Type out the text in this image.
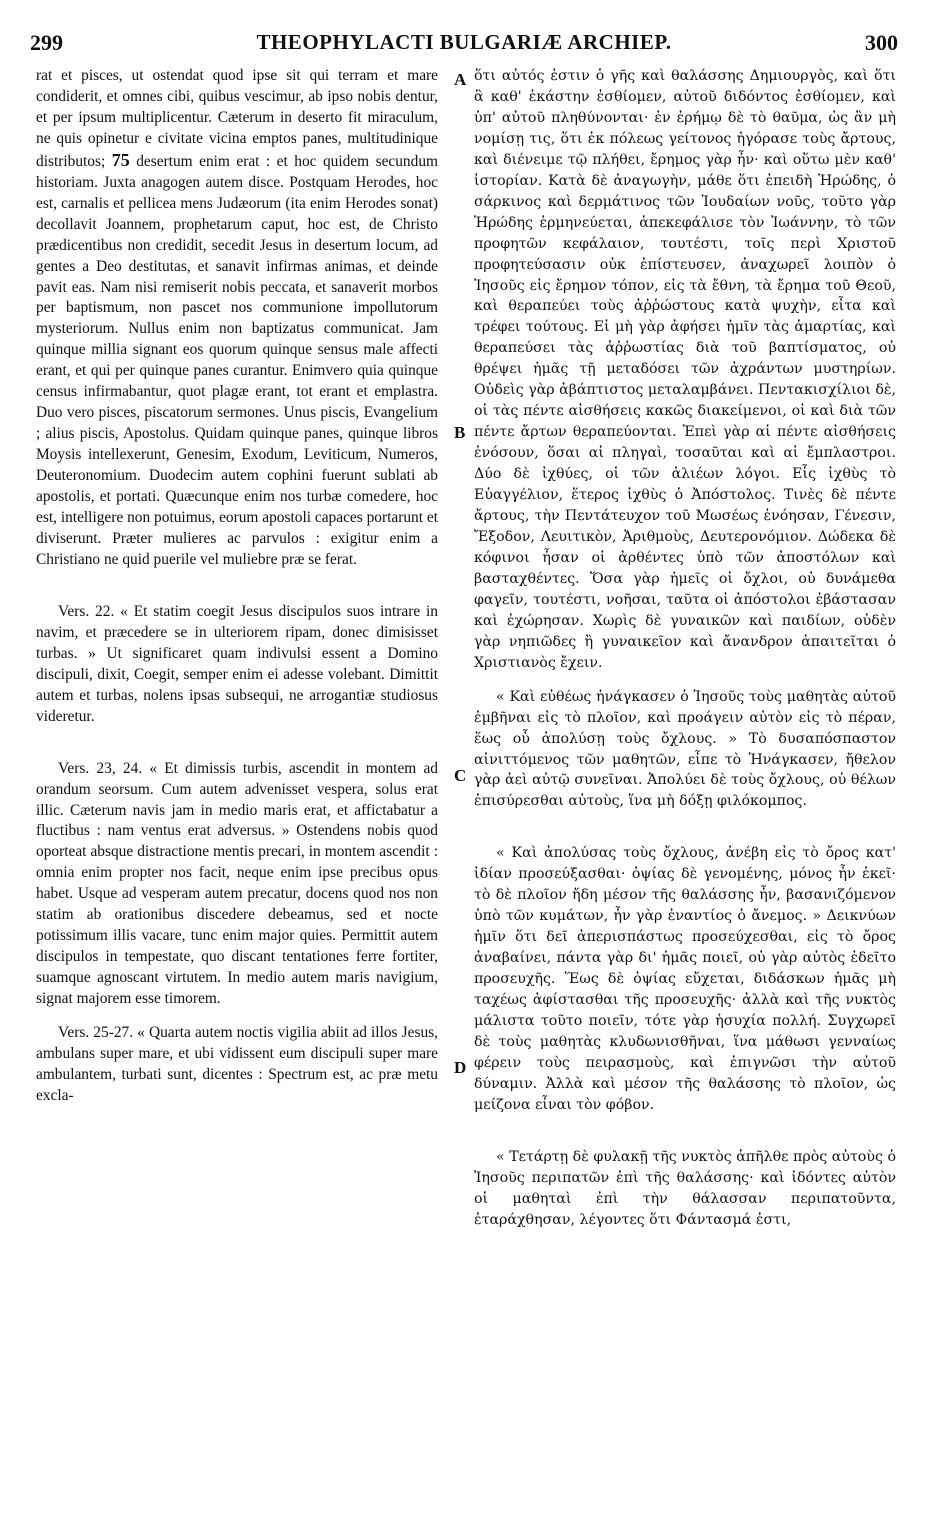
299	THEOPHYLACTI BULGARIÆ ARCHIEP.	300

rat et pisces, ut ostendat quod ipse sit qui terram et mare condiderit, et omnes cibi, quibus vescimur, ab ipso nobis dentur, et per ipsum multiplicentur. Cæterum in deserto fit miraculum, ne quis opinetur e civitate vicina emptos panes, multitudinique distributos; 75 desertum enim erat : et hoc quidem secundum historiam. Juxta anagogen autem disce. Postquam Herodes, hoc est, carnalis et pellicea mens Judæorum (ita enim Herodes sonat) decollavit Joannem, prophetarum caput, hoc est, de Christo prædicentibus non credidit, secedit Jesus in desertum locum, ad gentes a Deo destitutas, et sanavit infirmas animas, et deinde pavit eas. Nam nisi remiserit nobis peccata, et sanaverit morbos per baptismum, non pascet nos communione impollutorum mysteriorum. Nullus enim non baptizatus communicat. Jam quinque millia signant eos quorum quinque sensus male affecti erant, et qui per quinque panes curantur. Enimvero quia quinque census infirmabantur, quot plagæ erant, tot erant et emplastra. Duo vero pisces, piscatorum sermones. Unus piscis, Evangelium ; alius piscis, Apostolus. Quidam quinque panes, quinque libros Moysis intellexerunt, Genesim, Exodum, Leviticum, Numeros, Deuteronomium. Duodecim autem cophini fuerunt sublati ab apostolis, et portati. Quæcunque enim nos turbæ comedere, hoc est, intelligere non potuimus, eorum apostoli capaces portarunt et diviserunt. Præter mulieres ac parvulos : exigitur enim a Christiano ne quid puerile vel muliebre præ se ferat.

Vers. 22. « Et statim coegit Jesus discipulos suos intrare in navim, et præcedere se in ulteriorem ripam, donec dimisisset turbas. » Ut significaret quam indivulsi essent a Domino discipuli, dixit, Coegit, semper enim ei adesse volebant. Dimittit autem et turbas, nolens ipsas subsequi, ne arrogantiæ studiosus videretur.

Vers. 23, 24. « Et dimissis turbis, ascendit in montem ad orandum seorsum. Cum autem advenisset vespera, solus erat illic. Cæterum navis jam in medio maris erat, et affictabatur a fluctibus : nam ventus erat adversus. » Ostendens nobis quod oporteat absque distractione mentis precari, in montem ascendit : omnia enim propter nos facit, neque enim ipse precibus opus habet. Usque ad vesperam autem precatur, docens quod nos non statim ab orationibus discedere debeamus, sed et nocte potissimum illis vacare, tunc enim major quies. Permittit autem discipulos in tempestate, quo discant tentationes ferre fortiter, suamque agnoscant virtutem. In medio autem maris navigium, signat majorem esse timorem.

Vers. 25-27. « Quarta autem noctis vigilia abiit ad illos Jesus, ambulans super mare, et ubi vidissent eum discipuli super mare ambulantem, turbati sunt, dicentes : Spectrum est, ac præ metu excla-

A
B
C
D

ὅτι αὐτός ἐστιν ὁ γῆς καὶ θαλάσσης Δημιουργὸς, καὶ ὅτι ἃ καθ' ἑκάστην ἐσθίομεν, αὐτοῦ διδόντος ἐσθίομεν, καὶ ὑπ' αὐτοῦ πληθύνονται· ἐν ἐρήμῳ δὲ τὸ θαῦμα, ὡς ἂν μὴ νομίσῃ τις, ὅτι ἐκ πόλεως γείτονος ἠγόρασε τοὺς ἄρτους, καὶ διένειμε τῷ πλήθει, ἔρημος γὰρ ἦν· καὶ οὕτω μὲν καθ' ἱστορίαν. Κατὰ δὲ ἀναγωγὴν, μάθε ὅτι ἐπειδὴ Ἡρώδης, ὁ σάρκινος καὶ δερμάτινος τῶν Ἰουδαίων νοῦς, τοῦτο γὰρ Ἡρώδης ἑρμηνεύεται, ἀπεκεφάλισε τὸν Ἰωάννην, τὸ τῶν προφητῶν κεφάλαιον, τουτέστι, τοῖς περὶ Χριστοῦ προφητεύσασιν οὐκ ἐπίστευσεν, ἀναχωρεῖ λοιπὸν ὁ Ἰησοῦς εἰς ἔρημον τόπον, εἰς τὰ ἔθνη, τὰ ἔρημα τοῦ Θεοῦ, καὶ θεραπεύει τοὺς ἀῤῥώστους κατὰ ψυχὴν, εἶτα καὶ τρέφει τούτους. Εἰ μὴ γὰρ ἀφήσει ἡμῖν τὰς ἁμαρτίας, καὶ θεραπεύσει τὰς ἀῤῥωστίας διὰ τοῦ βαπτίσματος, οὐ θρέψει ἡμᾶς τῇ μεταδόσει τῶν ἀχράντων μυστηρίων. Οὐδεὶς γὰρ ἀβάπτιστος μεταλαμβάνει. Πεντακισχίλιοι δὲ, οἱ τὰς πέντε αἰσθήσεις κακῶς διακείμενοι, οἱ καὶ διὰ τῶν πέντε ἄρτων θεραπεύονται. Ἐπεὶ γὰρ αἱ πέντε αἰσθήσεις ἐνόσουν, ὅσαι αἱ πληγαὶ, τοσαῦται καὶ αἱ ἔμπλαστροι. Δύο δὲ ἰχθύες, οἱ τῶν ἁλιέων λόγοι. Εἷς ἰχθὺς τὸ Εὐαγγέλιον, ἕτερος ἰχθὺς ὁ Ἀπόστολος. Τινὲς δὲ πέντε ἄρτους, τὴν Πεντάτευχον τοῦ Μωσέως ἐνόησαν, Γένεσιν, Ἔξοδον, Λευιτικὸν, Ἀριθμοὺς, Δευτερονόμιον. Δώδεκα δὲ κόφινοι ἦσαν οἱ ἀρθέντες ὑπὸ τῶν ἀποστόλων καὶ βασταχθέντες. Ὅσα γὰρ ἡμεῖς οἱ ὄχλοι, οὐ δυνάμεθα φαγεῖν, τουτέστι, νοῆσαι, ταῦτα οἱ ἀπόστολοι ἐβάστασαν καὶ ἐχώρησαν. Χωρὶς δὲ γυναικῶν καὶ παιδίων, οὐδὲν γὰρ νηπιῶδες ἢ γυναικεῖον καὶ ἄνανδρον ἀπαιτεῖται ὁ Χριστιανὸς ἔχειν.

« Καὶ εὐθέως ἠνάγκασεν ὁ Ἰησοῦς τοὺς μαθητὰς αὐτοῦ ἐμβῆναι εἰς τὸ πλοῖον, καὶ προάγειν αὐτὸν εἰς τὸ πέραν, ἕως οὗ ἀπολύσῃ τοὺς ὄχλους. » Τὸ δυσαπόσπαστον αἰνιττόμενος τῶν μαθητῶν, εἶπε τὸ Ἠνάγκασεν, ἤθελον γὰρ ἀεὶ αὐτῷ συνεῖναι. Ἀπολύει δὲ τοὺς ὄχλους, οὐ θέλων ἐπισύρεσθαι αὐτοὺς, ἵνα μὴ δόξῃ φιλόκομπος.

« Καὶ ἀπολύσας τοὺς ὄχλους, ἀνέβη εἰς τὸ ὄρος κατ' ἰδίαν προσεύξασθαι· ὀψίας δὲ γενομένης, μόνος ἦν ἐκεῖ· τὸ δὲ πλοῖον ἤδη μέσον τῆς θαλάσσης ἦν, βασανιζόμενον ὑπὸ τῶν κυμάτων, ἦν γὰρ ἐναντίος ὁ ἄνεμος. » Δεικνύων ἡμῖν ὅτι δεῖ ἀπερισπάστως προσεύχεσθαι, εἰς τὸ ὄρος ἀναβαίνει, πάντα γὰρ δι' ἡμᾶς ποιεῖ, οὐ γὰρ αὐτὸς ἐδεῖτο προσευχῆς. Ἕως δὲ ὀψίας εὔχεται, διδάσκων ἡμᾶς μὴ ταχέως ἀφίστασθαι τῆς προσευχῆς· ἀλλὰ καὶ τῆς νυκτὸς μάλιστα τοῦτο ποιεῖν, τότε γὰρ ἡσυχία πολλή. Συγχωρεῖ δὲ τοὺς μαθητὰς κλυδωνισθῆναι, ἵνα μάθωσι γενναίως φέρειν τοὺς πειρασμοὺς, καὶ ἐπιγνῶσι τὴν αὐτοῦ δύναμιν. Ἀλλὰ καὶ μέσον τῆς θαλάσσης τὸ πλοῖον, ὡς μείζονα εἶναι τὸν φόβον.

« Τετάρτῃ δὲ φυλακῇ τῆς νυκτὸς ἀπῆλθε πρὸς αὐτοὺς ὁ Ἰησοῦς περιπατῶν ἐπὶ τῆς θαλάσσης· καὶ ἰδόντες αὐτὸν οἱ μαθηταὶ ἐπὶ τὴν θάλασσαν περιπατοῦντα, ἐταράχθησαν, λέγοντες ὅτι Φάντασμά ἐστι,
